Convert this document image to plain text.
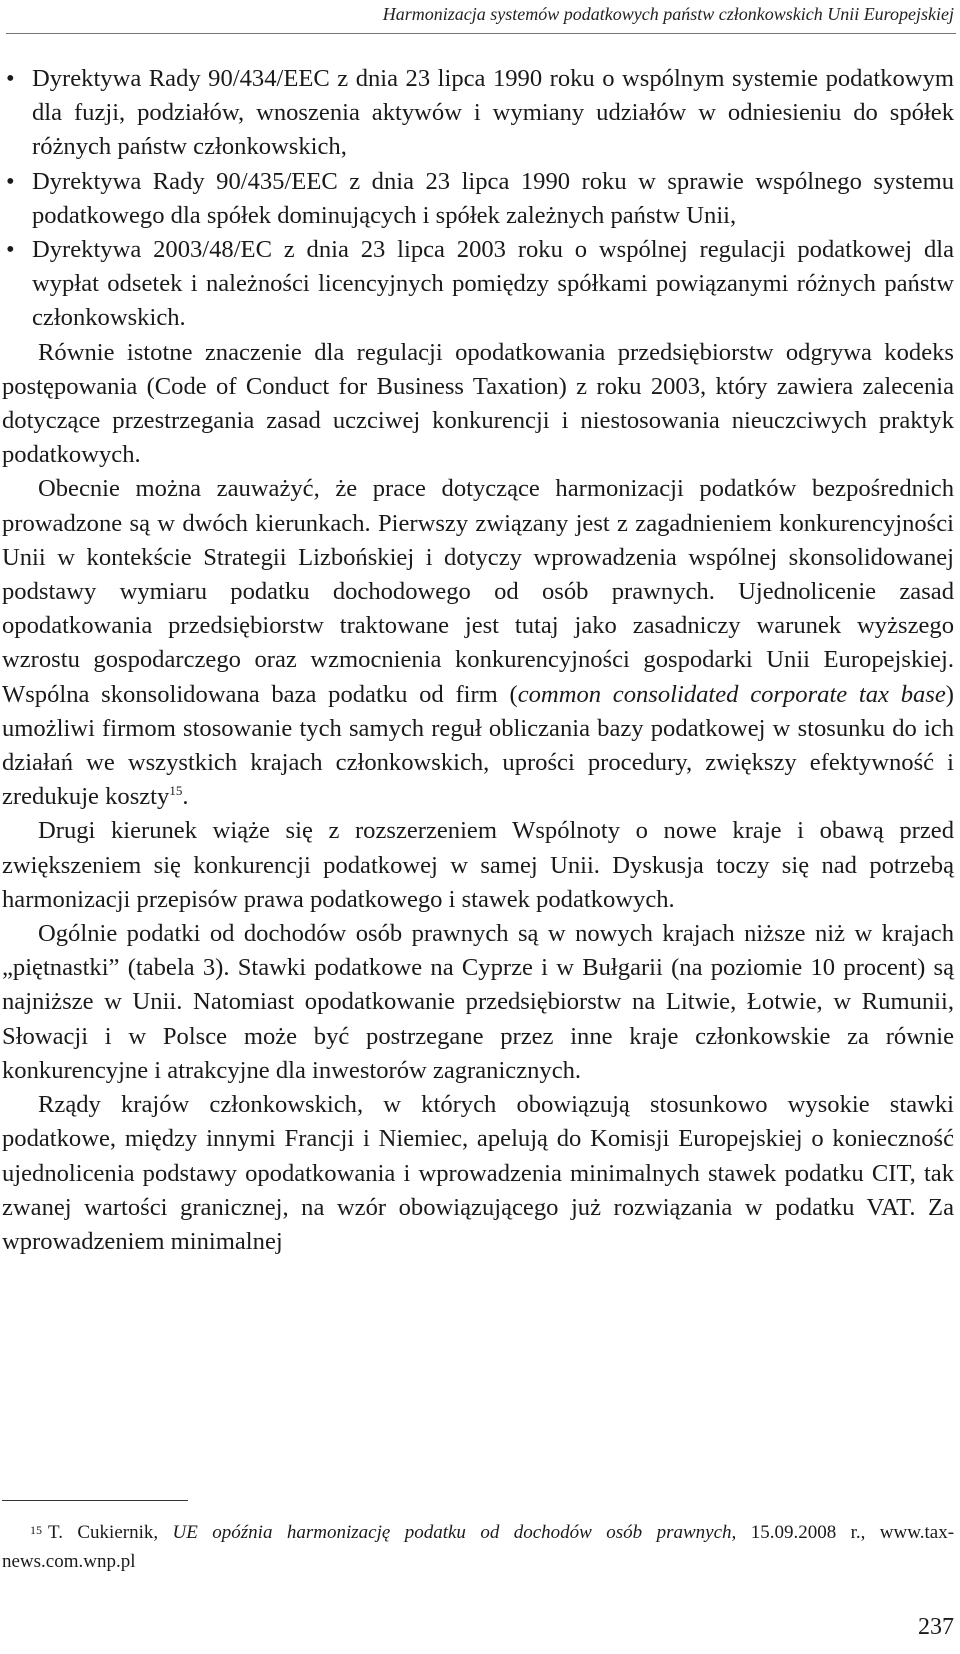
Harmonizacja systemów podatkowych państw członkowskich Unii Europejskiej
• Dyrektywa Rady 90/434/EEC z dnia 23 lipca 1990 roku o wspólnym systemie podatkowym dla fuzji, podziałów, wnoszenia aktywów i wymiany udziałów w odniesieniu do spółek różnych państw członkowskich,
• Dyrektywa Rady 90/435/EEC z dnia 23 lipca 1990 roku w sprawie wspólnego systemu podatkowego dla spółek dominujących i spółek zależnych państw Unii,
• Dyrektywa 2003/48/EC z dnia 23 lipca 2003 roku o wspólnej regulacji podatkowej dla wypłat odsetek i należności licencyjnych pomiędzy spółkami powiązanymi różnych państw członkowskich.

Równie istotne znaczenie dla regulacji opodatkowania przedsiębiorstw odgrywa kodeks postępowania (Code of Conduct for Business Taxation) z roku 2003, który zawiera zalecenia dotyczące przestrzegania zasad uczciwej konkurencji i niestosowania nieuczciwych praktyk podatkowych.

Obecnie można zauważyć, że prace dotyczące harmonizacji podatków bezpośrednich prowadzone są w dwóch kierunkach. Pierwszy związany jest z zagadnieniem konkurencyjności Unii w kontekście Strategii Lizbońskiej i dotyczy wprowadzenia wspólnej skonsolidowanej podstawy wymiaru podatku dochodowego od osób prawnych. Ujednolicenie zasad opodatkowania przedsiębiorstw traktowane jest tutaj jako zasadniczy warunek wyższego wzrostu gospodarczego oraz wzmocnienia konkurencyjności gospodarki Unii Europejskiej. Wspólna skonsolidowana baza podatku od firm (common consolidated corporate tax base) umożliwi firmom stosowanie tych samych reguł obliczania bazy podatkowej w stosunku do ich działań we wszystkich krajach członkowskich, uprości procedury, zwiększy efektywność i zredukuje koszty$^{15}$.

Drugi kierunek wiąże się z rozszerzeniem Wspólnoty o nowe kraje i obawą przed zwiększeniem się konkurencji podatkowej w samej Unii. Dyskusja toczy się nad potrzebą harmonizacji przepisów prawa podatkowego i stawek podatkowych.

Ogólnie podatki od dochodów osób prawnych są w nowych krajach niższe niż w krajach „piętnastki” (tabela 3). Stawki podatkowe na Cyprze i w Bułgarii (na poziomie 10 procent) są najniższe w Unii. Natomiast opodatkowanie przedsiębiorstw na Litwie, Łotwie, w Rumunii, Słowacji i w Polsce może być postrzegane przez inne kraje członkowskie za równie konkurencyjne i atrakcyjne dla inwestorów zagranicznych.

Rządy krajów członkowskich, w których obowiązują stosunkowo wysokie stawki podatkowe, między innymi Francji i Niemiec, apelują do Komisji Europejskiej o konieczność ujednolicenia podstawy opodatkowania i wprowadzenia minimalnych stawek podatku CIT, tak zwanej wartości granicznej, na wzór obowiązującego już rozwiązania w podatku VAT. Za wprowadzeniem minimalnej

$^{15}$ T. Cukiernik, UE opóźnia harmonizację podatku od dochodów osób prawnych, 15.09.2008 r., www.tax-news.com.wnp.pl
237
